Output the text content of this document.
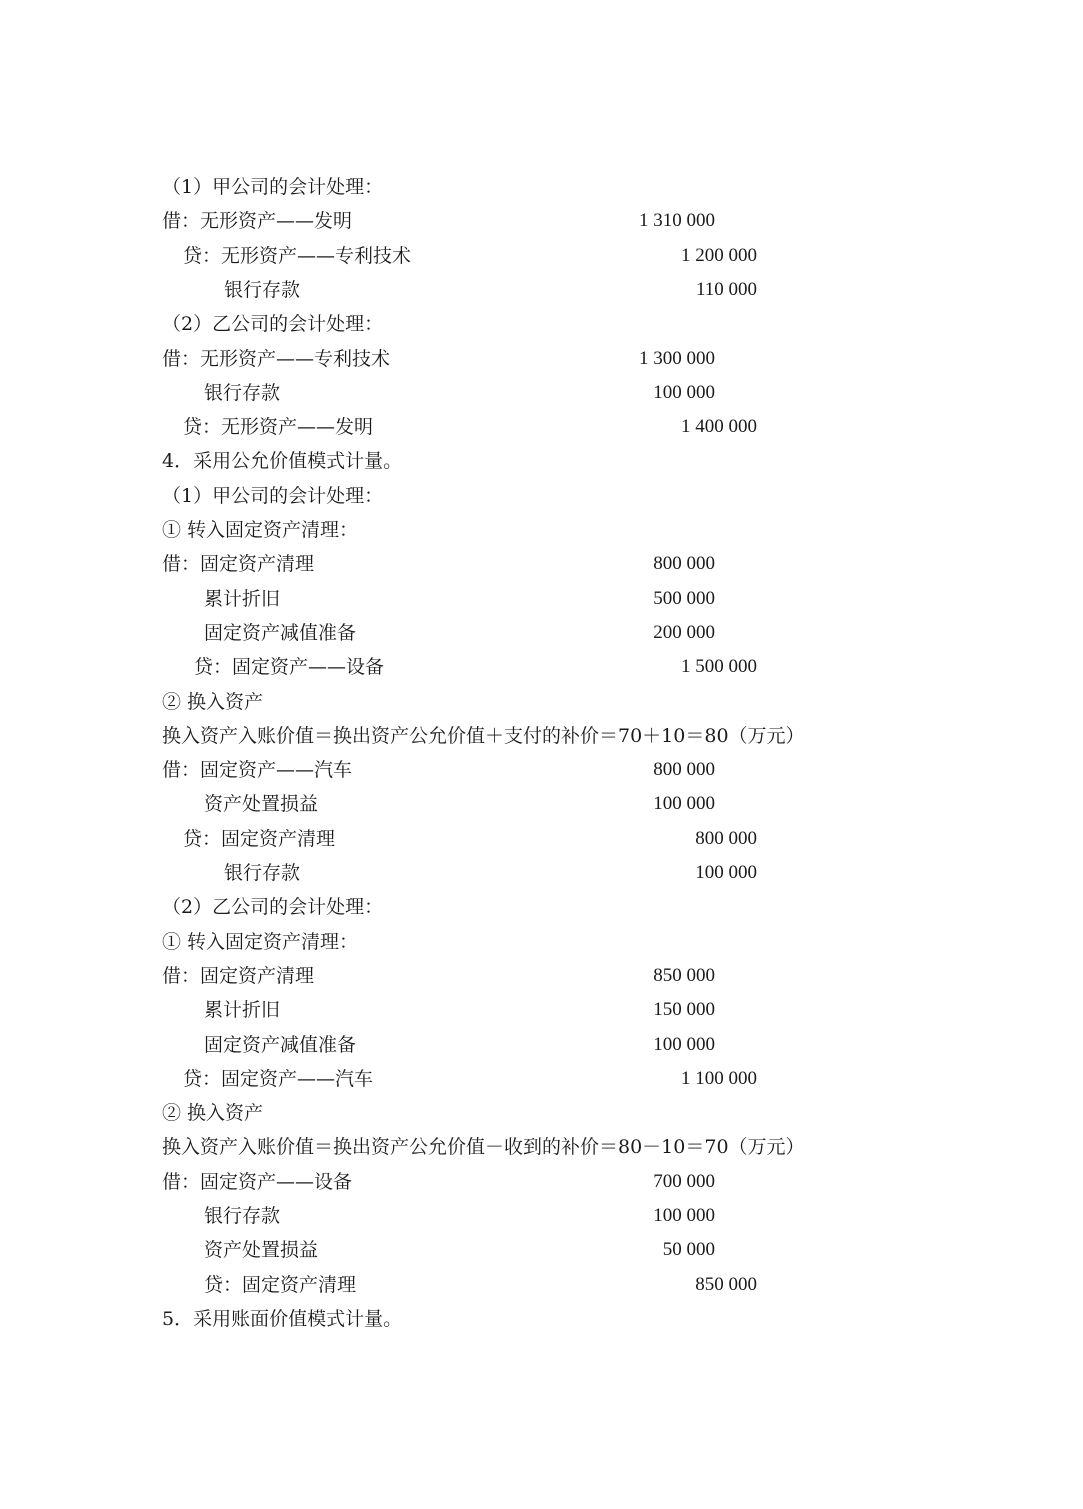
（1）甲公司的会计处理：
借：无形资产——发明	1 310 000
贷：无形资产——专利技术	1 200 000
银行存款	110 000
（2）乙公司的会计处理：
借：无形资产——专利技术	1 300 000
银行存款	100 000
贷：无形资产——发明	1 400 000
4．采用公允价值模式计量。
（1）甲公司的会计处理：
① 转入固定资产清理：
借：固定资产清理	800 000
累计折旧	500 000
固定资产减值准备	200 000
贷：固定资产——设备	1 500 000
② 换入资产
换入资产入账价值＝换出资产公允价值＋支付的补价＝70＋10＝80（万元）
借：固定资产——汽车	800 000
资产处置损益	100 000
贷：固定资产清理	800 000
银行存款	100 000
（2）乙公司的会计处理：
① 转入固定资产清理：
借：固定资产清理	850 000
累计折旧	150 000
固定资产减值准备	100 000
贷：固定资产——汽车	1 100 000
② 换入资产
换入资产入账价值＝换出资产公允价值－收到的补价＝80－10＝70（万元）
借：固定资产——设备	700 000
银行存款	100 000
资产处置损益	50 000
贷：固定资产清理	850 000
5．采用账面价值模式计量。
